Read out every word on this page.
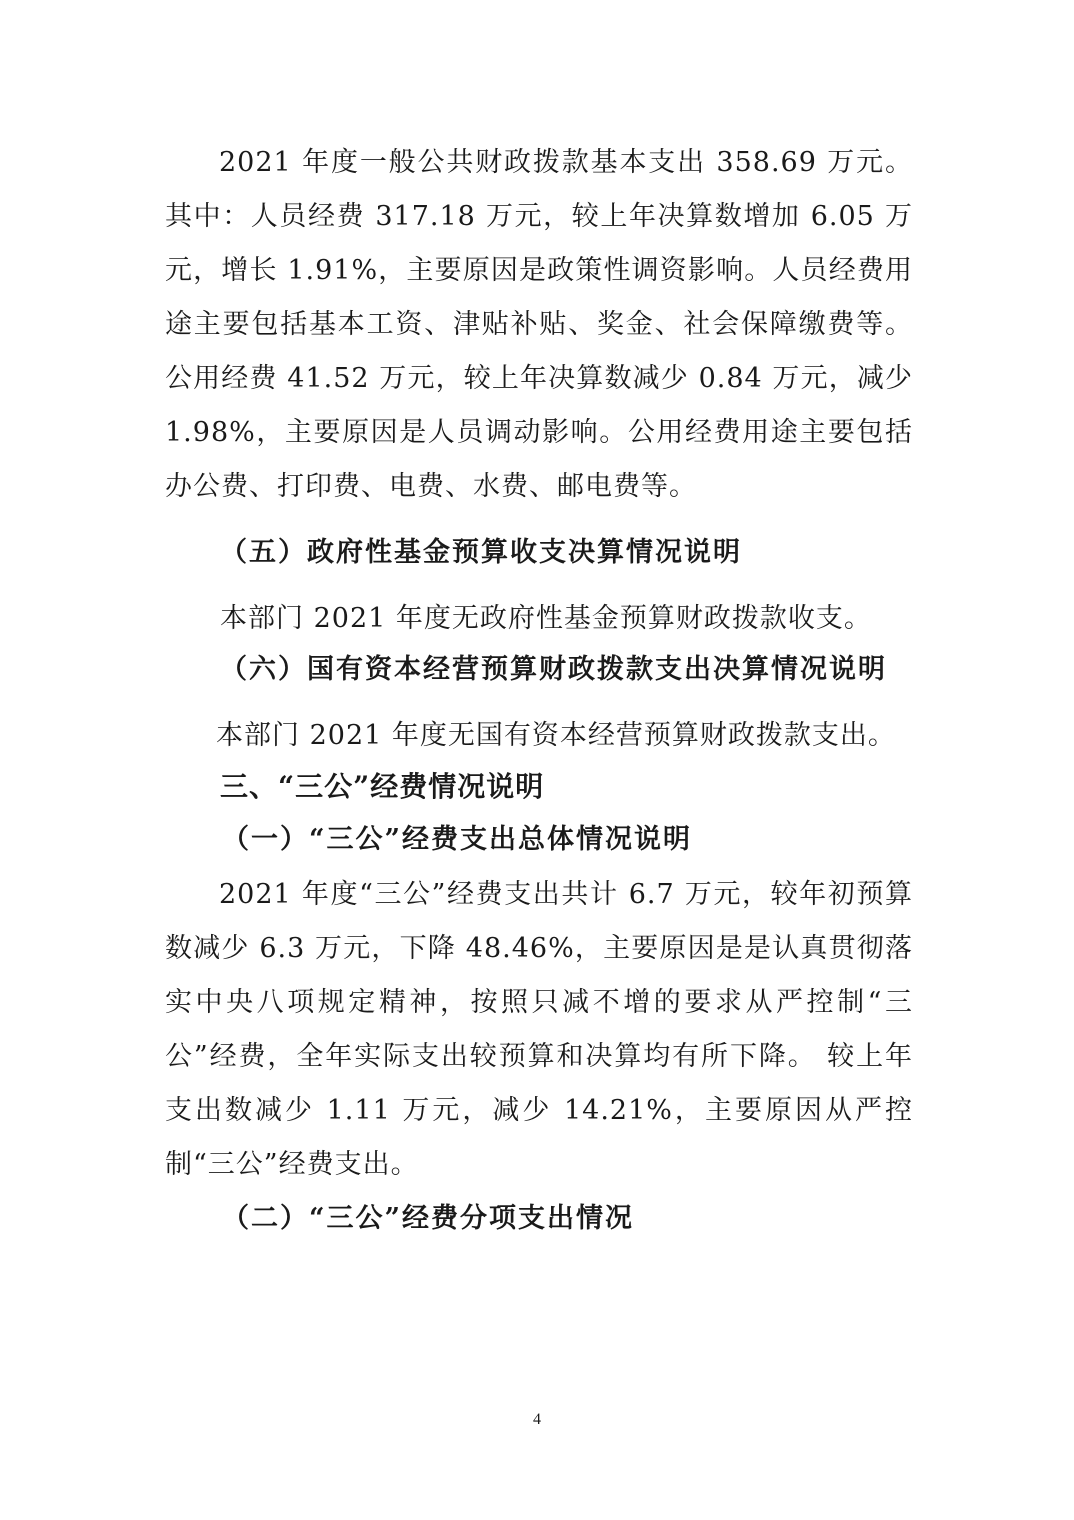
2021 年度一般公共财政拨款基本支出 358.69 万元。其中：人员经费 317.18 万元，较上年决算数增加 6.05 万元，增长 1.91%，主要原因是政策性调资影响。人员经费用途主要包括基本工资、津贴补贴、奖金、社会保障缴费等。公用经费 41.52 万元，较上年决算数减少 0.84 万元，减少 1.98%，主要原因是人员调动影响。公用经费用途主要包括办公费、打印费、电费、水费、邮电费等。

（五）政府性基金预算收支决算情况说明

本部门 2021 年度无政府性基金预算财政拨款收支。

（六）国有资本经营预算财政拨款支出决算情况说明

本部门 2021 年度无国有资本经营预算财政拨款支出。

三、“三公”经费情况说明
（一）“三公”经费支出总体情况说明

2021 年度“三公”经费支出共计 6.7 万元，较年初预算数减少 6.3 万元，下降 48.46%，主要原因是是认真贯彻落实中央八项规定精神，按照只减不增的要求从严控制“三公”经费，全年实际支出较预算和决算均有所下降。 较上年支出数减少 1.11 万元，减少 14.21%，主要原因从严控制“三公”经费支出。

（二）“三公”经费分项支出情况
4
